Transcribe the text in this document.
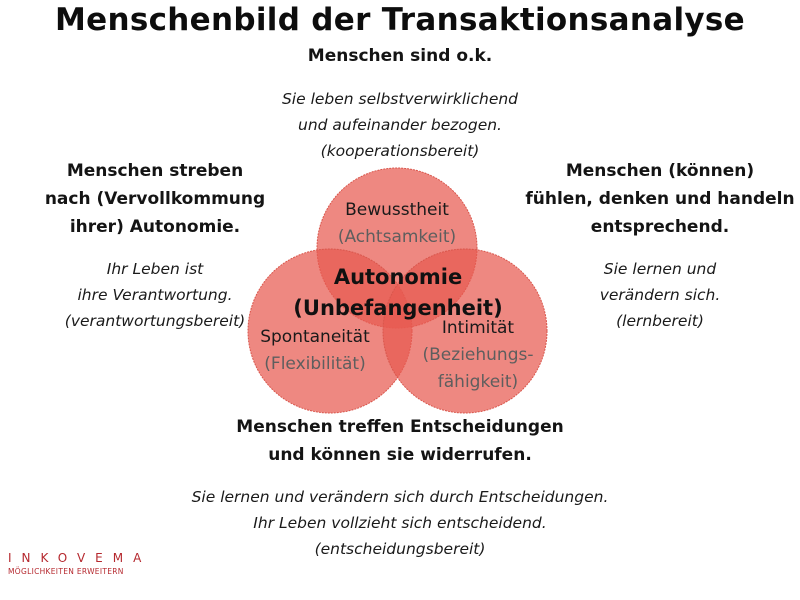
Menschenbild der Transaktionsanalyse
Menschen sind o.k.
Sie leben selbstverwirklichend
und aufeinander bezogen.
(kooperationsbereit)
Menschen streben
nach (Vervollkommung
ihrer) Autonomie.
Ihr Leben ist
ihre Verantwortung.
(verantwortungsbereit)
Menschen (können)
fühlen, denken und handeln
entsprechend.
Sie lernen und
verändern sich.
(lernbereit)
Bewusstheit
(Achtsamkeit)
Spontaneität
(Flexibilität)
Intimität
(Beziehungs-
fähigkeit)
Autonomie
(Unbefangenheit)
Menschen treffen Entscheidungen
und können sie widerrufen.
Sie lernen und verändern sich durch Entscheidungen.
Ihr Leben vollzieht sich entscheidend.
(entscheidungsbereit)
INKOVEMA
MÖGLICHKEITEN ERWEITERN
